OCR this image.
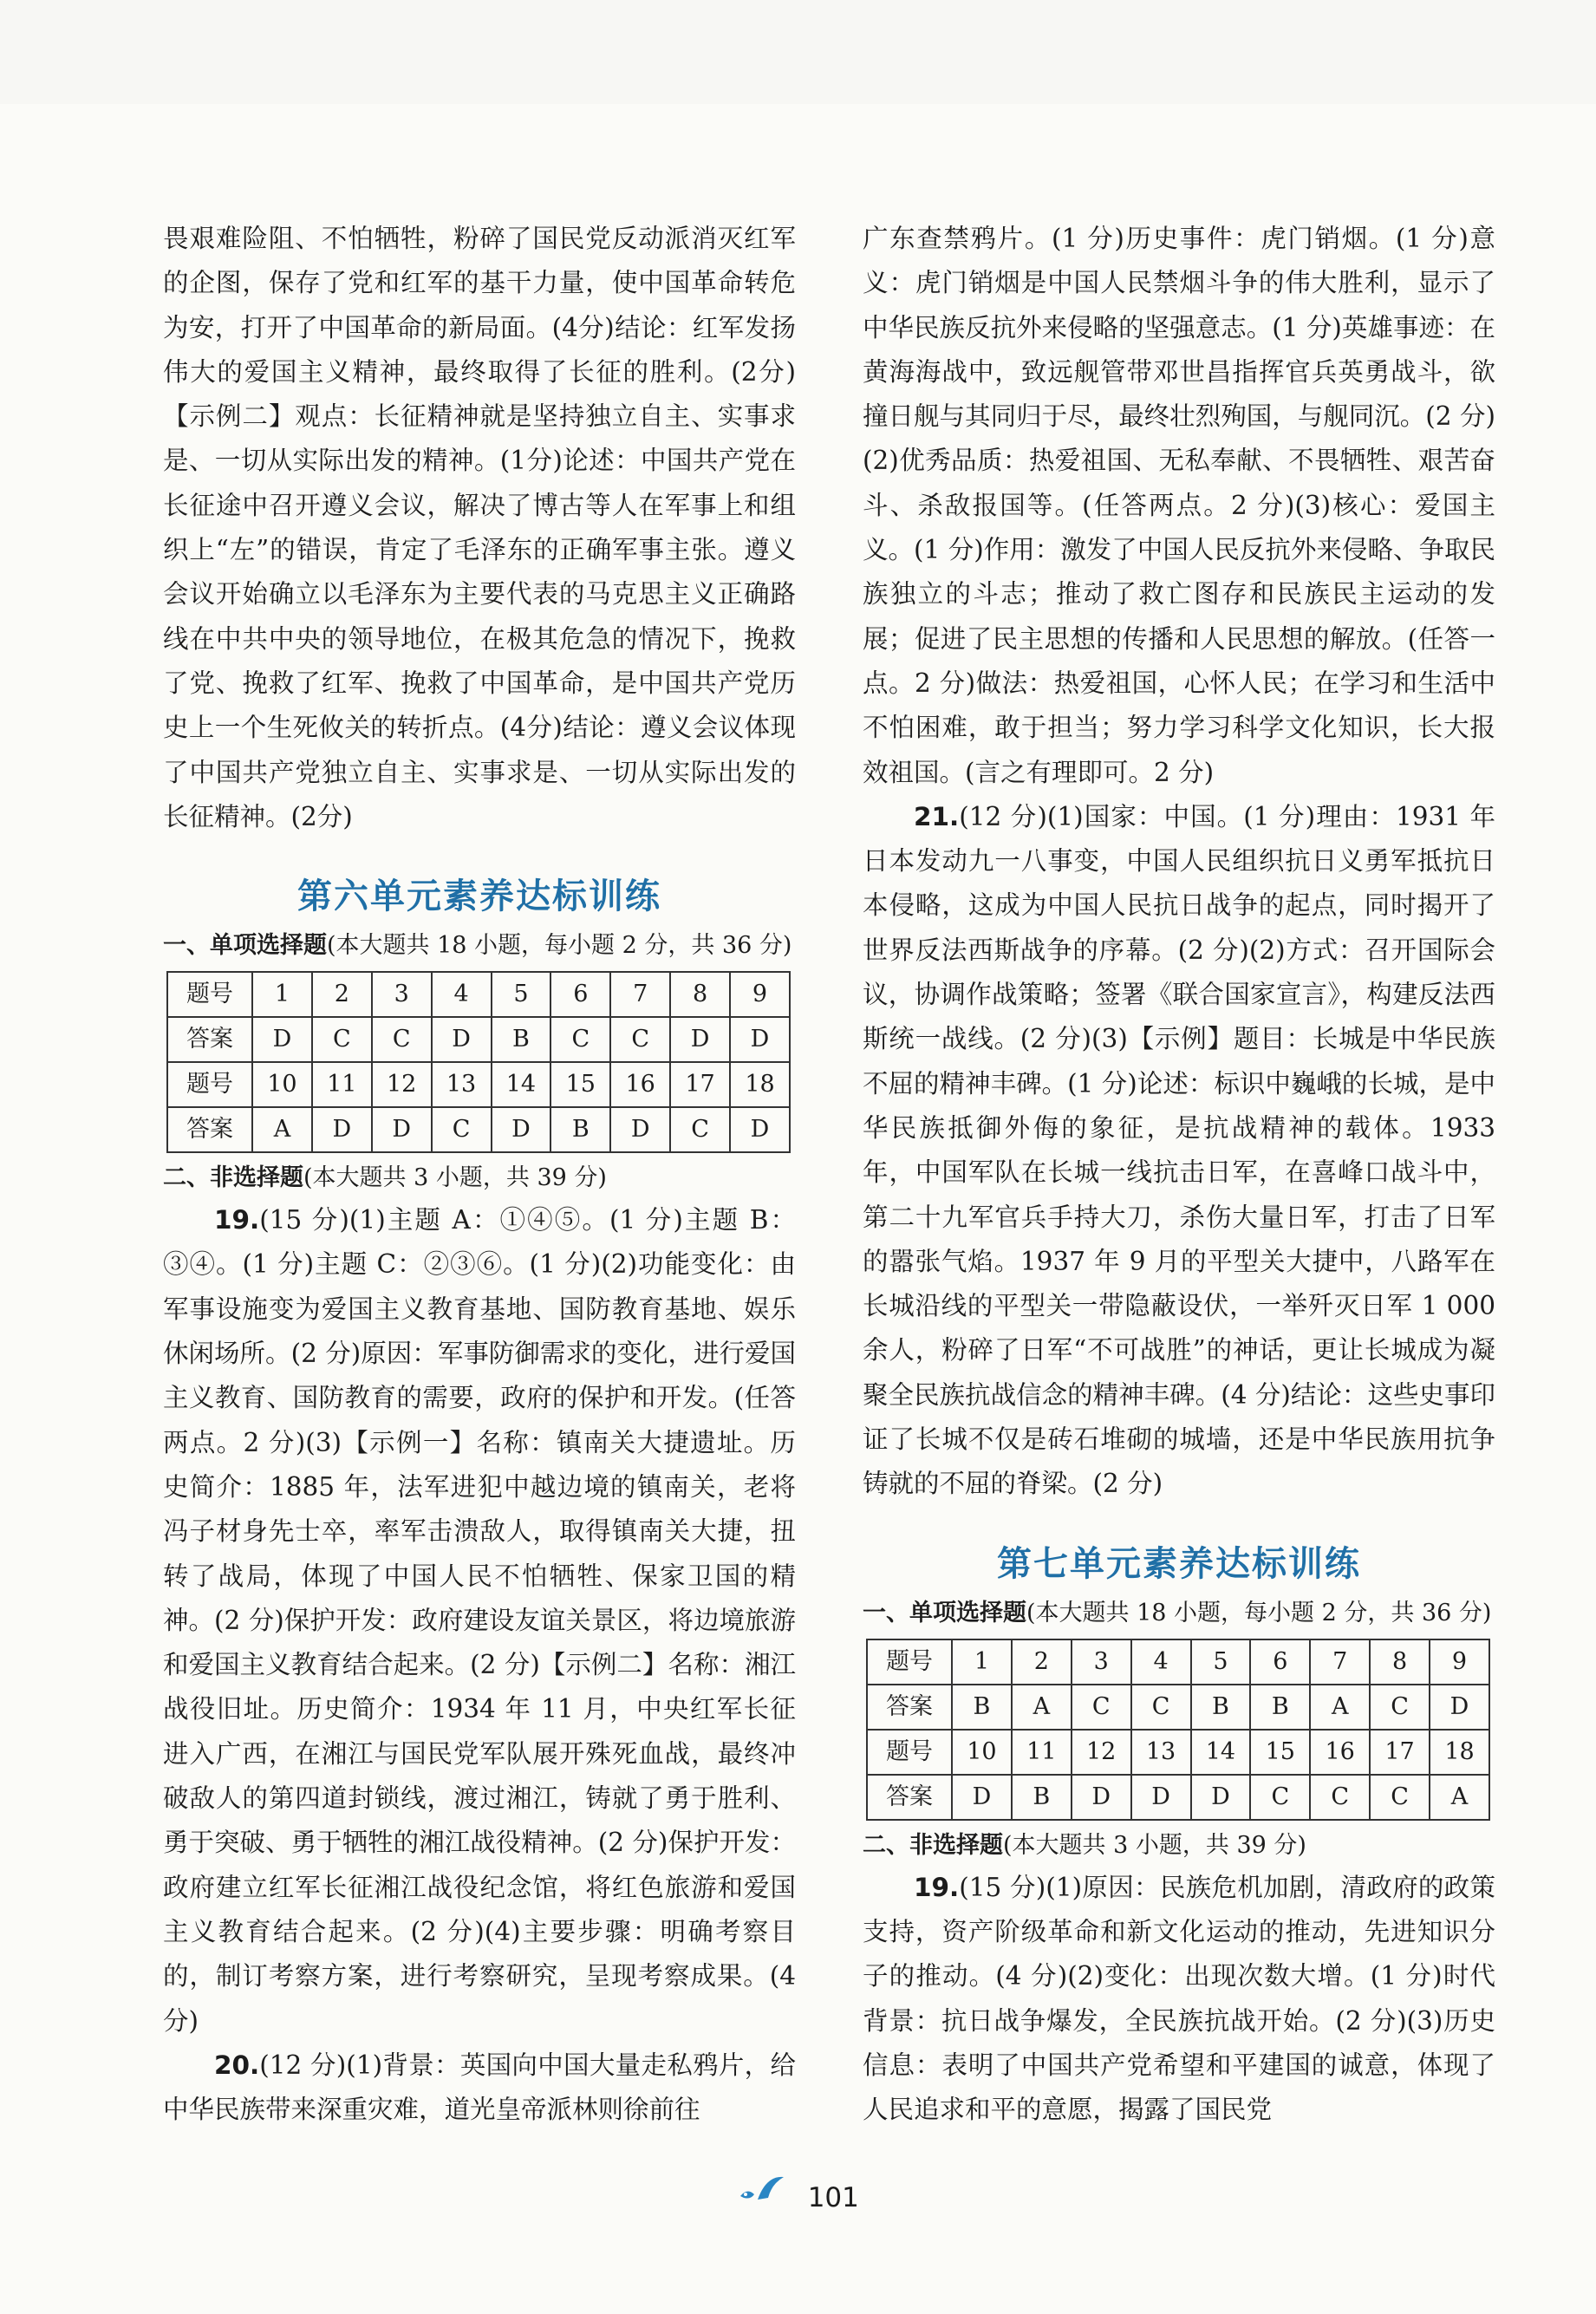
畏艰难险阻、不怕牺牲，粉碎了国民党反动派消灭红军的企图，保存了党和红军的基干力量，使中国革命转危为安，打开了中国革命的新局面。(4分)结论：红军发扬伟大的爱国主义精神，最终取得了长征的胜利。(2分)【示例二】观点：长征精神就是坚持独立自主、实事求是、一切从实际出发的精神。(1分)论述：中国共产党在长征途中召开遵义会议，解决了博古等人在军事上和组织上“左”的错误，肯定了毛泽东的正确军事主张。遵义会议开始确立以毛泽东为主要代表的马克思主义正确路线在中共中央的领导地位，在极其危急的情况下，挽救了党、挽救了红军、挽救了中国革命，是中国共产党历史上一个生死攸关的转折点。(4分)结论：遵义会议体现了中国共产党独立自主、实事求是、一切从实际出发的长征精神。(2分)

第六单元素养达标训练
一、单项选择题(本大题共 18 小题，每小题 2 分，共 36 分)
题号	1	2	3	4	5	6	7	8	9
答案	D	C	C	D	B	C	C	D	D
题号	10	11	12	13	14	15	16	17	18
答案	A	D	D	C	D	B	D	C	D
二、非选择题(本大题共 3 小题，共 39 分)

19.(15 分)(1)主题 A：①④⑤。(1 分)主题 B：③④。(1 分)主题 C：②③⑥。(1 分)(2)功能变化：由军事设施变为爱国主义教育基地、国防教育基地、娱乐休闲场所。(2 分)原因：军事防御需求的变化，进行爱国主义教育、国防教育的需要，政府的保护和开发。(任答两点。2 分)(3)【示例一】名称：镇南关大捷遗址。历史简介：1885 年，法军进犯中越边境的镇南关，老将冯子材身先士卒，率军击溃敌人，取得镇南关大捷，扭转了战局，体现了中国人民不怕牺牲、保家卫国的精神。(2 分)保护开发：政府建设友谊关景区，将边境旅游和爱国主义教育结合起来。(2 分)【示例二】名称：湘江战役旧址。历史简介：1934 年 11 月，中央红军长征进入广西，在湘江与国民党军队展开殊死血战，最终冲破敌人的第四道封锁线，渡过湘江，铸就了勇于胜利、勇于突破、勇于牺牲的湘江战役精神。(2 分)保护开发：政府建立红军长征湘江战役纪念馆，将红色旅游和爱国主义教育结合起来。(2 分)(4)主要步骤：明确考察目的，制订考察方案，进行考察研究，呈现考察成果。(4 分)

20.(12 分)(1)背景：英国向中国大量走私鸦片，给中华民族带来深重灾难，道光皇帝派林则徐前往

广东查禁鸦片。(1 分)历史事件：虎门销烟。(1 分)意义：虎门销烟是中国人民禁烟斗争的伟大胜利，显示了中华民族反抗外来侵略的坚强意志。(1 分)英雄事迹：在黄海海战中，致远舰管带邓世昌指挥官兵英勇战斗，欲撞日舰与其同归于尽，最终壮烈殉国，与舰同沉。(2 分)(2)优秀品质：热爱祖国、无私奉献、不畏牺牲、艰苦奋斗、杀敌报国等。(任答两点。2 分)(3)核心：爱国主义。(1 分)作用：激发了中国人民反抗外来侵略、争取民族独立的斗志；推动了救亡图存和民族民主运动的发展；促进了民主思想的传播和人民思想的解放。(任答一点。2 分)做法：热爱祖国，心怀人民；在学习和生活中不怕困难，敢于担当；努力学习科学文化知识，长大报效祖国。(言之有理即可。2 分)

21.(12 分)(1)国家：中国。(1 分)理由：1931 年日本发动九一八事变，中国人民组织抗日义勇军抵抗日本侵略，这成为中国人民抗日战争的起点，同时揭开了世界反法西斯战争的序幕。(2 分)(2)方式：召开国际会议，协调作战策略；签署《联合国家宣言》，构建反法西斯统一战线。(2 分)(3)【示例】题目：长城是中华民族不屈的精神丰碑。(1 分)论述：标识中巍峨的长城，是中华民族抵御外侮的象征，是抗战精神的载体。1933 年，中国军队在长城一线抗击日军，在喜峰口战斗中，第二十九军官兵手持大刀，杀伤大量日军，打击了日军的嚣张气焰。1937 年 9 月的平型关大捷中，八路军在长城沿线的平型关一带隐蔽设伏，一举歼灭日军 1 000 余人，粉碎了日军“不可战胜”的神话，更让长城成为凝聚全民族抗战信念的精神丰碑。(4 分)结论：这些史事印证了长城不仅是砖石堆砌的城墙，还是中华民族用抗争铸就的不屈的脊梁。(2 分)

第七单元素养达标训练
一、单项选择题(本大题共 18 小题，每小题 2 分，共 36 分)
题号	1	2	3	4	5	6	7	8	9
答案	B	A	C	C	B	B	A	C	D
题号	10	11	12	13	14	15	16	17	18
答案	D	B	D	D	D	C	C	C	A
二、非选择题(本大题共 3 小题，共 39 分)

19.(15 分)(1)原因：民族危机加剧，清政府的政策支持，资产阶级革命和新文化运动的推动，先进知识分子的推动。(4 分)(2)变化：出现次数大增。(1 分)时代背景：抗日战争爆发，全民族抗战开始。(2 分)(3)历史信息：表明了中国共产党希望和平建国的诚意，体现了人民追求和平的意愿，揭露了国民党

101
